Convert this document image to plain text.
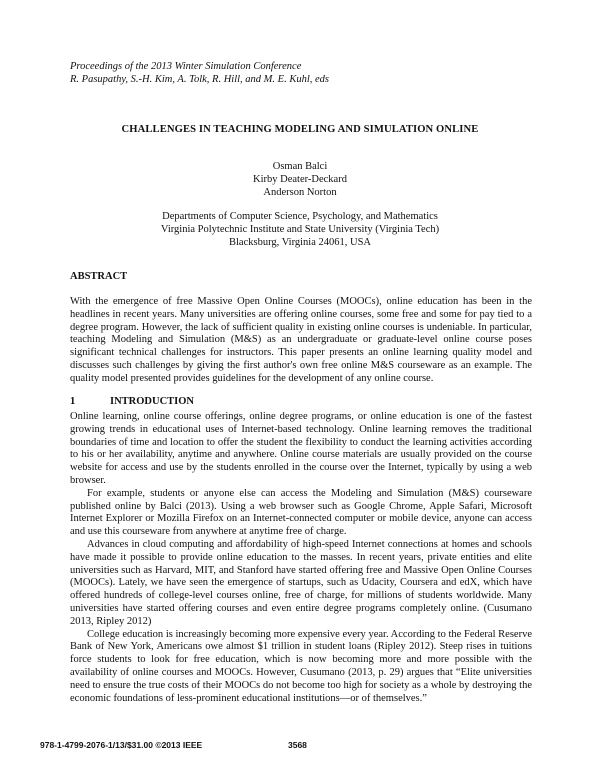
Proceedings of the 2013 Winter Simulation Conference
R. Pasupathy, S.-H. Kim, A. Tolk, R. Hill, and M. E. Kuhl, eds
CHALLENGES IN TEACHING MODELING AND SIMULATION ONLINE
Osman Balci
Kirby Deater-Deckard
Anderson Norton
Departments of Computer Science, Psychology, and Mathematics
Virginia Polytechnic Institute and State University (Virginia Tech)
Blacksburg, Virginia 24061, USA
ABSTRACT
With the emergence of free Massive Open Online Courses (MOOCs), online education has been in the headlines in recent years. Many universities are offering online courses, some free and some for pay tied to a degree program. However, the lack of sufficient quality in existing online courses is undeniable. In particular, teaching Modeling and Simulation (M&S) as an undergraduate or graduate-level online course poses significant technical challenges for instructors. This paper presents an online learning quality model and discusses such challenges by giving the first author's own free online M&S courseware as an example. The quality model presented provides guidelines for the development of any online course.
1	INTRODUCTION

Online learning, online course offerings, online degree programs, or online education is one of the fastest growing trends in educational uses of Internet-based technology. Online learning removes the traditional boundaries of time and location to offer the student the flexibility to conduct the learning activities according to his or her availability, anytime and anywhere. Online course materials are usually provided on the course website for access and use by the students enrolled in the course over the Internet, typically by using a web browser.

For example, students or anyone else can access the Modeling and Simulation (M&S) courseware published online by Balci (2013). Using a web browser such as Google Chrome, Apple Safari, Microsoft Internet Explorer or Mozilla Firefox on an Internet-connected computer or mobile device, anyone can access and use this courseware from anywhere at anytime free of charge.

Advances in cloud computing and affordability of high-speed Internet connections at homes and schools have made it possible to provide online education to the masses. In recent years, private entities and elite universities such as Harvard, MIT, and Stanford have started offering free and Massive Open Online Courses (MOOCs). Lately, we have seen the emergence of startups, such as Udacity, Coursera and edX, which have offered hundreds of college-level courses online, free of charge, for millions of students worldwide. Many universities have started offering courses and even entire degree programs completely online. (Cusumano 2013, Ripley 2012)

College education is increasingly becoming more expensive every year. According to the Federal Reserve Bank of New York, Americans owe almost $1 trillion in student loans (Ripley 2012). Steep rises in tuitions force students to look for free education, which is now becoming more and more possible with the availability of online courses and MOOCs. However, Cusumano (2013, p. 29) argues that “Elite universities need to ensure the true costs of their MOOCs do not become too high for society as a whole by destroying the economic foundations of less-prominent educational institutions—or of themselves.”

978-1-4799-2076-1/13/$31.00 ©2013 IEEE	3568
